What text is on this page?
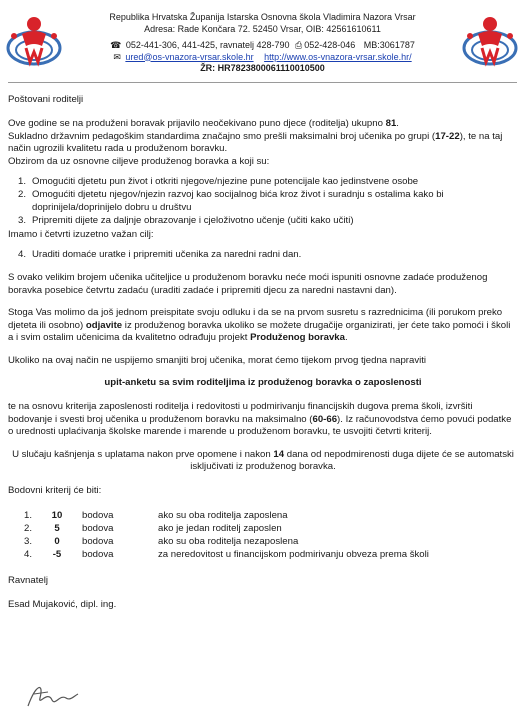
Republika Hrvatska Županija Istarska Osnovna škola Vladimira Nazora Vrsar
Adresa: Rade Končara 72. 52450 Vrsar, OIB: 42561610611
☎ 052-441-306, 441-425, ravnatelj 428-790 ⎙ 052-428-046 MB:3061787
✉ ured@os-vnazora-vrsar.skole.hr http://www.os-vnazora-vrsar.skole.hr/
ŽR: HR7823800061110010500

Poštovani roditelji

Ove godine se na produženi boravak prijavilo neočekivano puno djece (roditelja) ukupno 81.

Sukladno državnim pedagoškim standardima značajno smo prešli maksimalni broj učenika po grupi (17-22), te na taj način ugrozili kvalitetu rada u produženom boravku.

Obzirom da uz osnovne ciljeve produženog boravka a koji su:

1. Omogućiti djetetu pun život i otkriti njegove/njezine pune potencijale kao jedinstvene osobe
2. Omogućiti djetetu njegov/njezin razvoj kao socijalnog bića kroz život i suradnju s ostalima kako bi doprinijela/doprinijelo dobru u društvu
3. Pripremiti dijete za daljnje obrazovanje i cjeloživotno učenje (učiti kako učiti)

Imamo i četvrti izuzetno važan cilj:

4. Uraditi domaće uratke i pripremiti učenika za naredni radni dan.

S ovako velikim brojem učenika učiteljice u produženom boravku neće moći ispuniti osnovne zadaće produženog boravka posebice četvrtu zadaću (uraditi zadaće i pripremiti djecu za naredni nastavni dan).

Stoga Vas molimo da još jednom preispitate svoju odluku i da se na prvom susretu s razrednicima (ili porukom preko djeteta ili osobno) odjavite iz produženog boravka ukoliko se možete drugačije organizirati, jer ćete tako pomoći i školi a i svim ostalim učenicima da kvalitetno odrađuju projekt Produženog boravka.

Ukoliko na ovaj način ne uspijemo smanjiti broj učenika, morat ćemo tijekom prvog tjedna napraviti

upit-anketu sa svim roditeljima iz produženog boravka o zaposlenosti

te na osnovu kriterija zaposlenosti roditelja i redovitosti u podmirivanju financijskih dugova prema školi, izvršiti bodovanje i svesti broj učenika u produženom boravku na maksimalno (60-66). Iz računovodstva ćemo povući podatke o urednosti uplaćivanja školske marende i marende u produženom boravku, te usvojiti četvrti kriterij.

U slučaju kašnjenja s uplatama nakon prve opomene i nakon 14 dana od nepodmirenosti duga dijete će se automatski isključivati iz produženog boravka.

Bodovni kriterij će biti:

1.	10	bodova	ako su oba roditelja zaposlena
2.	5	bodova	ako je jedan roditelj zaposlen
3.	0	bodova	ako su oba roditelja nezaposlena
4.	-5	bodova	za neredovitost u financijskom podmirivanju obveza prema školi

Ravnatelj

Esad Mujaković, dipl. ing.
